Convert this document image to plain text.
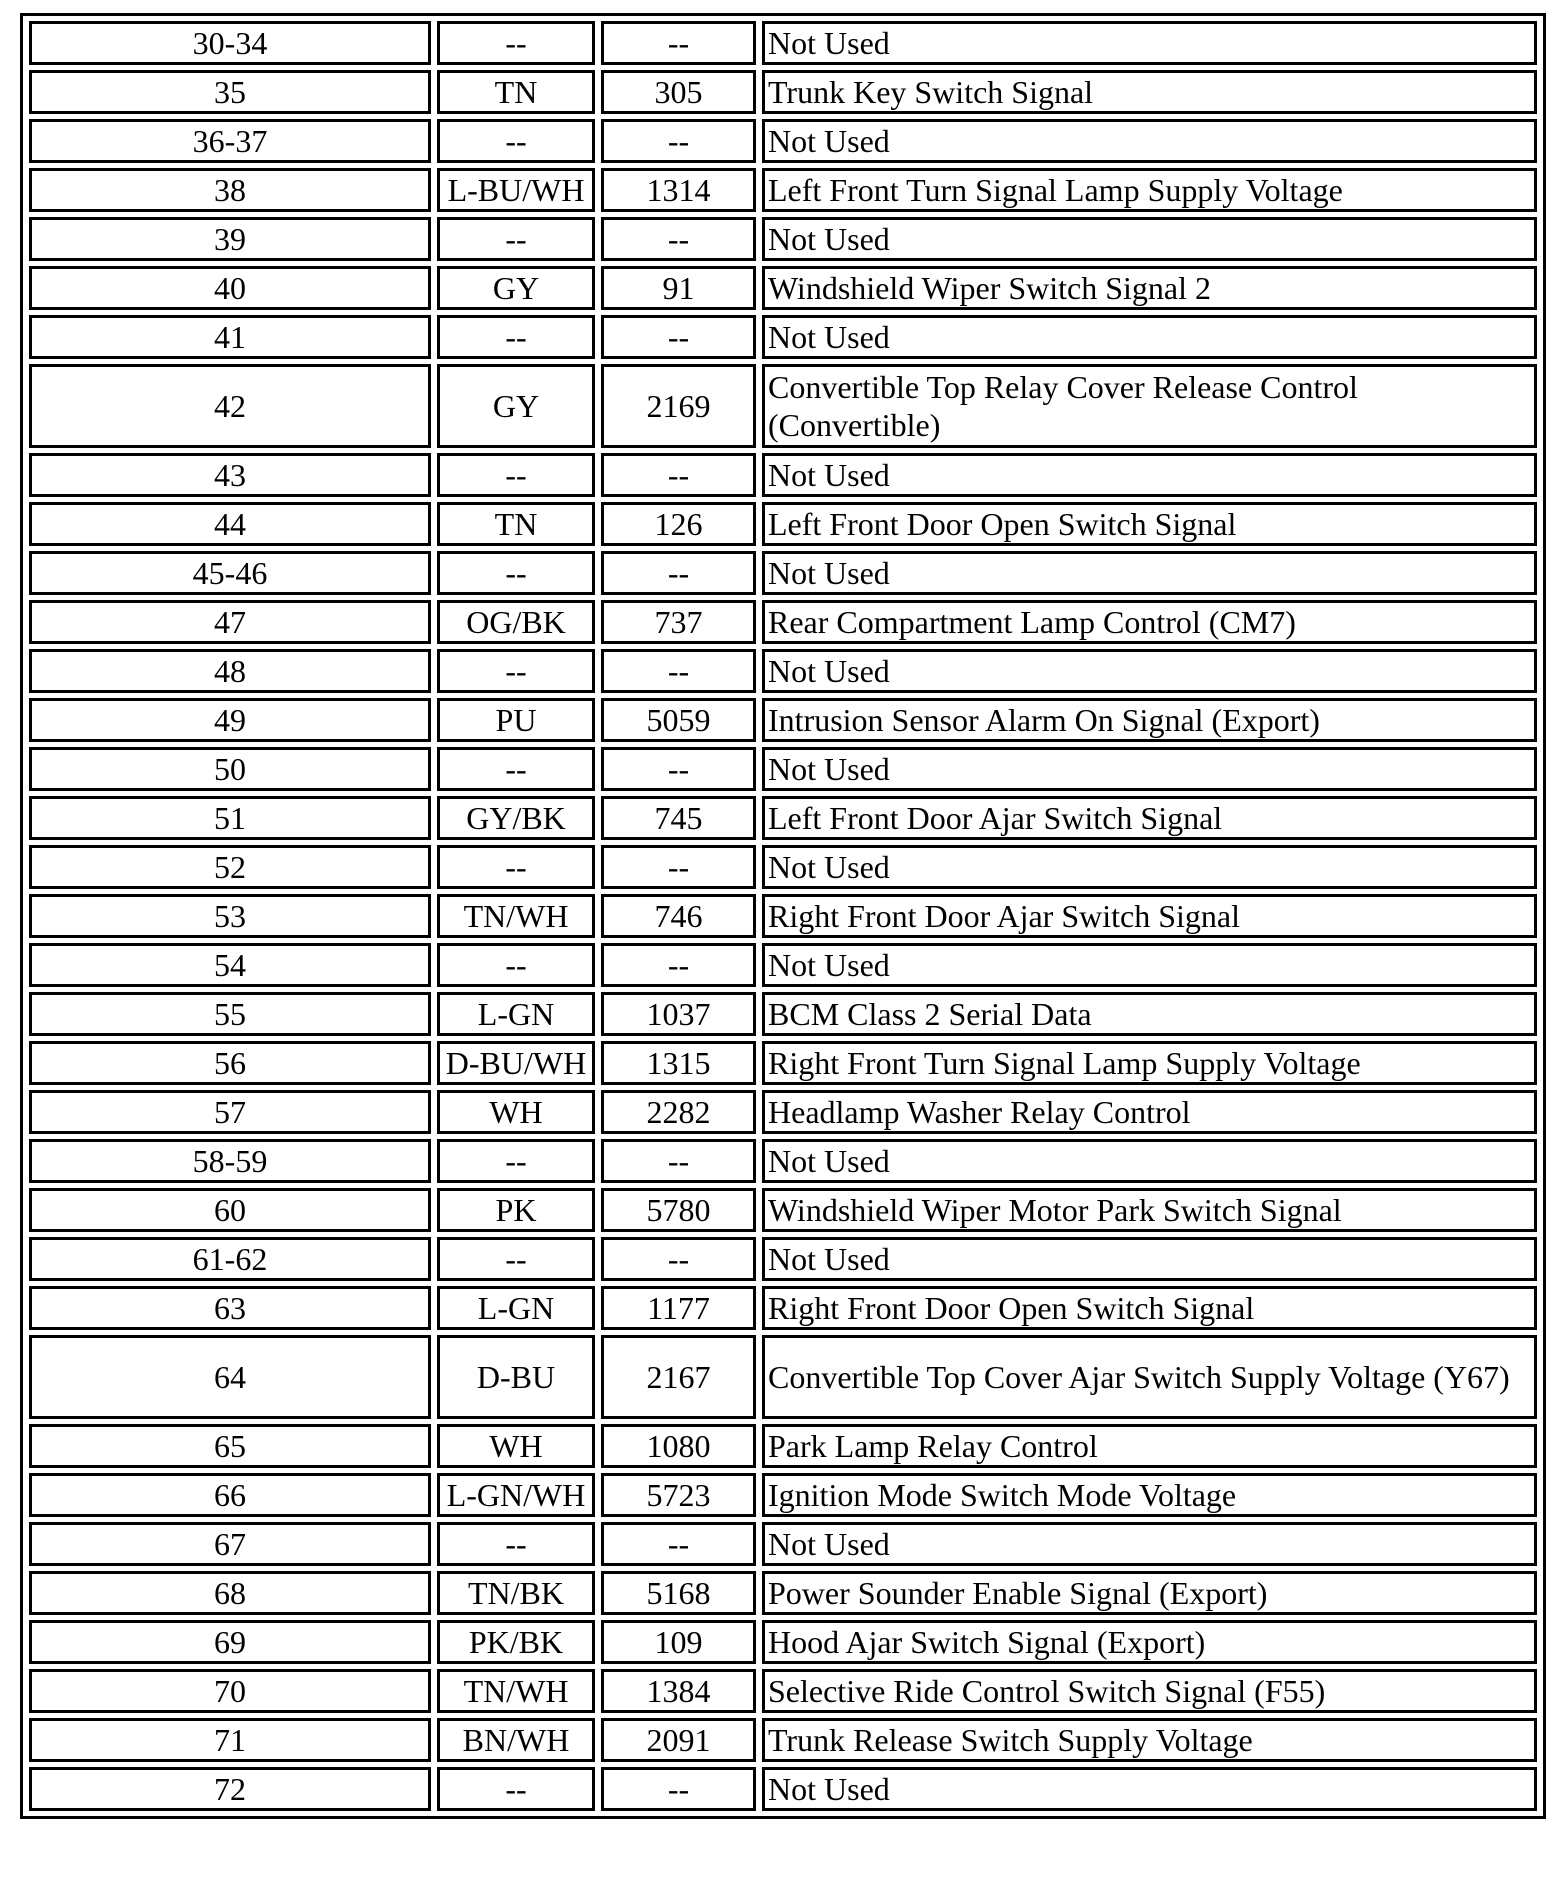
30-34	--	--	Not Used
35	TN	305	Trunk Key Switch Signal
36-37	--	--	Not Used
38	L-BU/WH	1314	Left Front Turn Signal Lamp Supply Voltage
39	--	--	Not Used
40	GY	91	Windshield Wiper Switch Signal 2
41	--	--	Not Used
42	GY	2169	Convertible Top Relay Cover Release Control (Convertible)
43	--	--	Not Used
44	TN	126	Left Front Door Open Switch Signal
45-46	--	--	Not Used
47	OG/BK	737	Rear Compartment Lamp Control (CM7)
48	--	--	Not Used
49	PU	5059	Intrusion Sensor Alarm On Signal (Export)
50	--	--	Not Used
51	GY/BK	745	Left Front Door Ajar Switch Signal
52	--	--	Not Used
53	TN/WH	746	Right Front Door Ajar Switch Signal
54	--	--	Not Used
55	L-GN	1037	BCM Class 2 Serial Data
56	D-BU/WH	1315	Right Front Turn Signal Lamp Supply Voltage
57	WH	2282	Headlamp Washer Relay Control
58-59	--	--	Not Used
60	PK	5780	Windshield Wiper Motor Park Switch Signal
61-62	--	--	Not Used
63	L-GN	1177	Right Front Door Open Switch Signal
64	D-BU	2167	Convertible Top Cover Ajar Switch Supply Voltage (Y67)
65	WH	1080	Park Lamp Relay Control
66	L-GN/WH	5723	Ignition Mode Switch Mode Voltage
67	--	--	Not Used
68	TN/BK	5168	Power Sounder Enable Signal (Export)
69	PK/BK	109	Hood Ajar Switch Signal (Export)
70	TN/WH	1384	Selective Ride Control Switch Signal (F55)
71	BN/WH	2091	Trunk Release Switch Supply Voltage
72	--	--	Not Used
